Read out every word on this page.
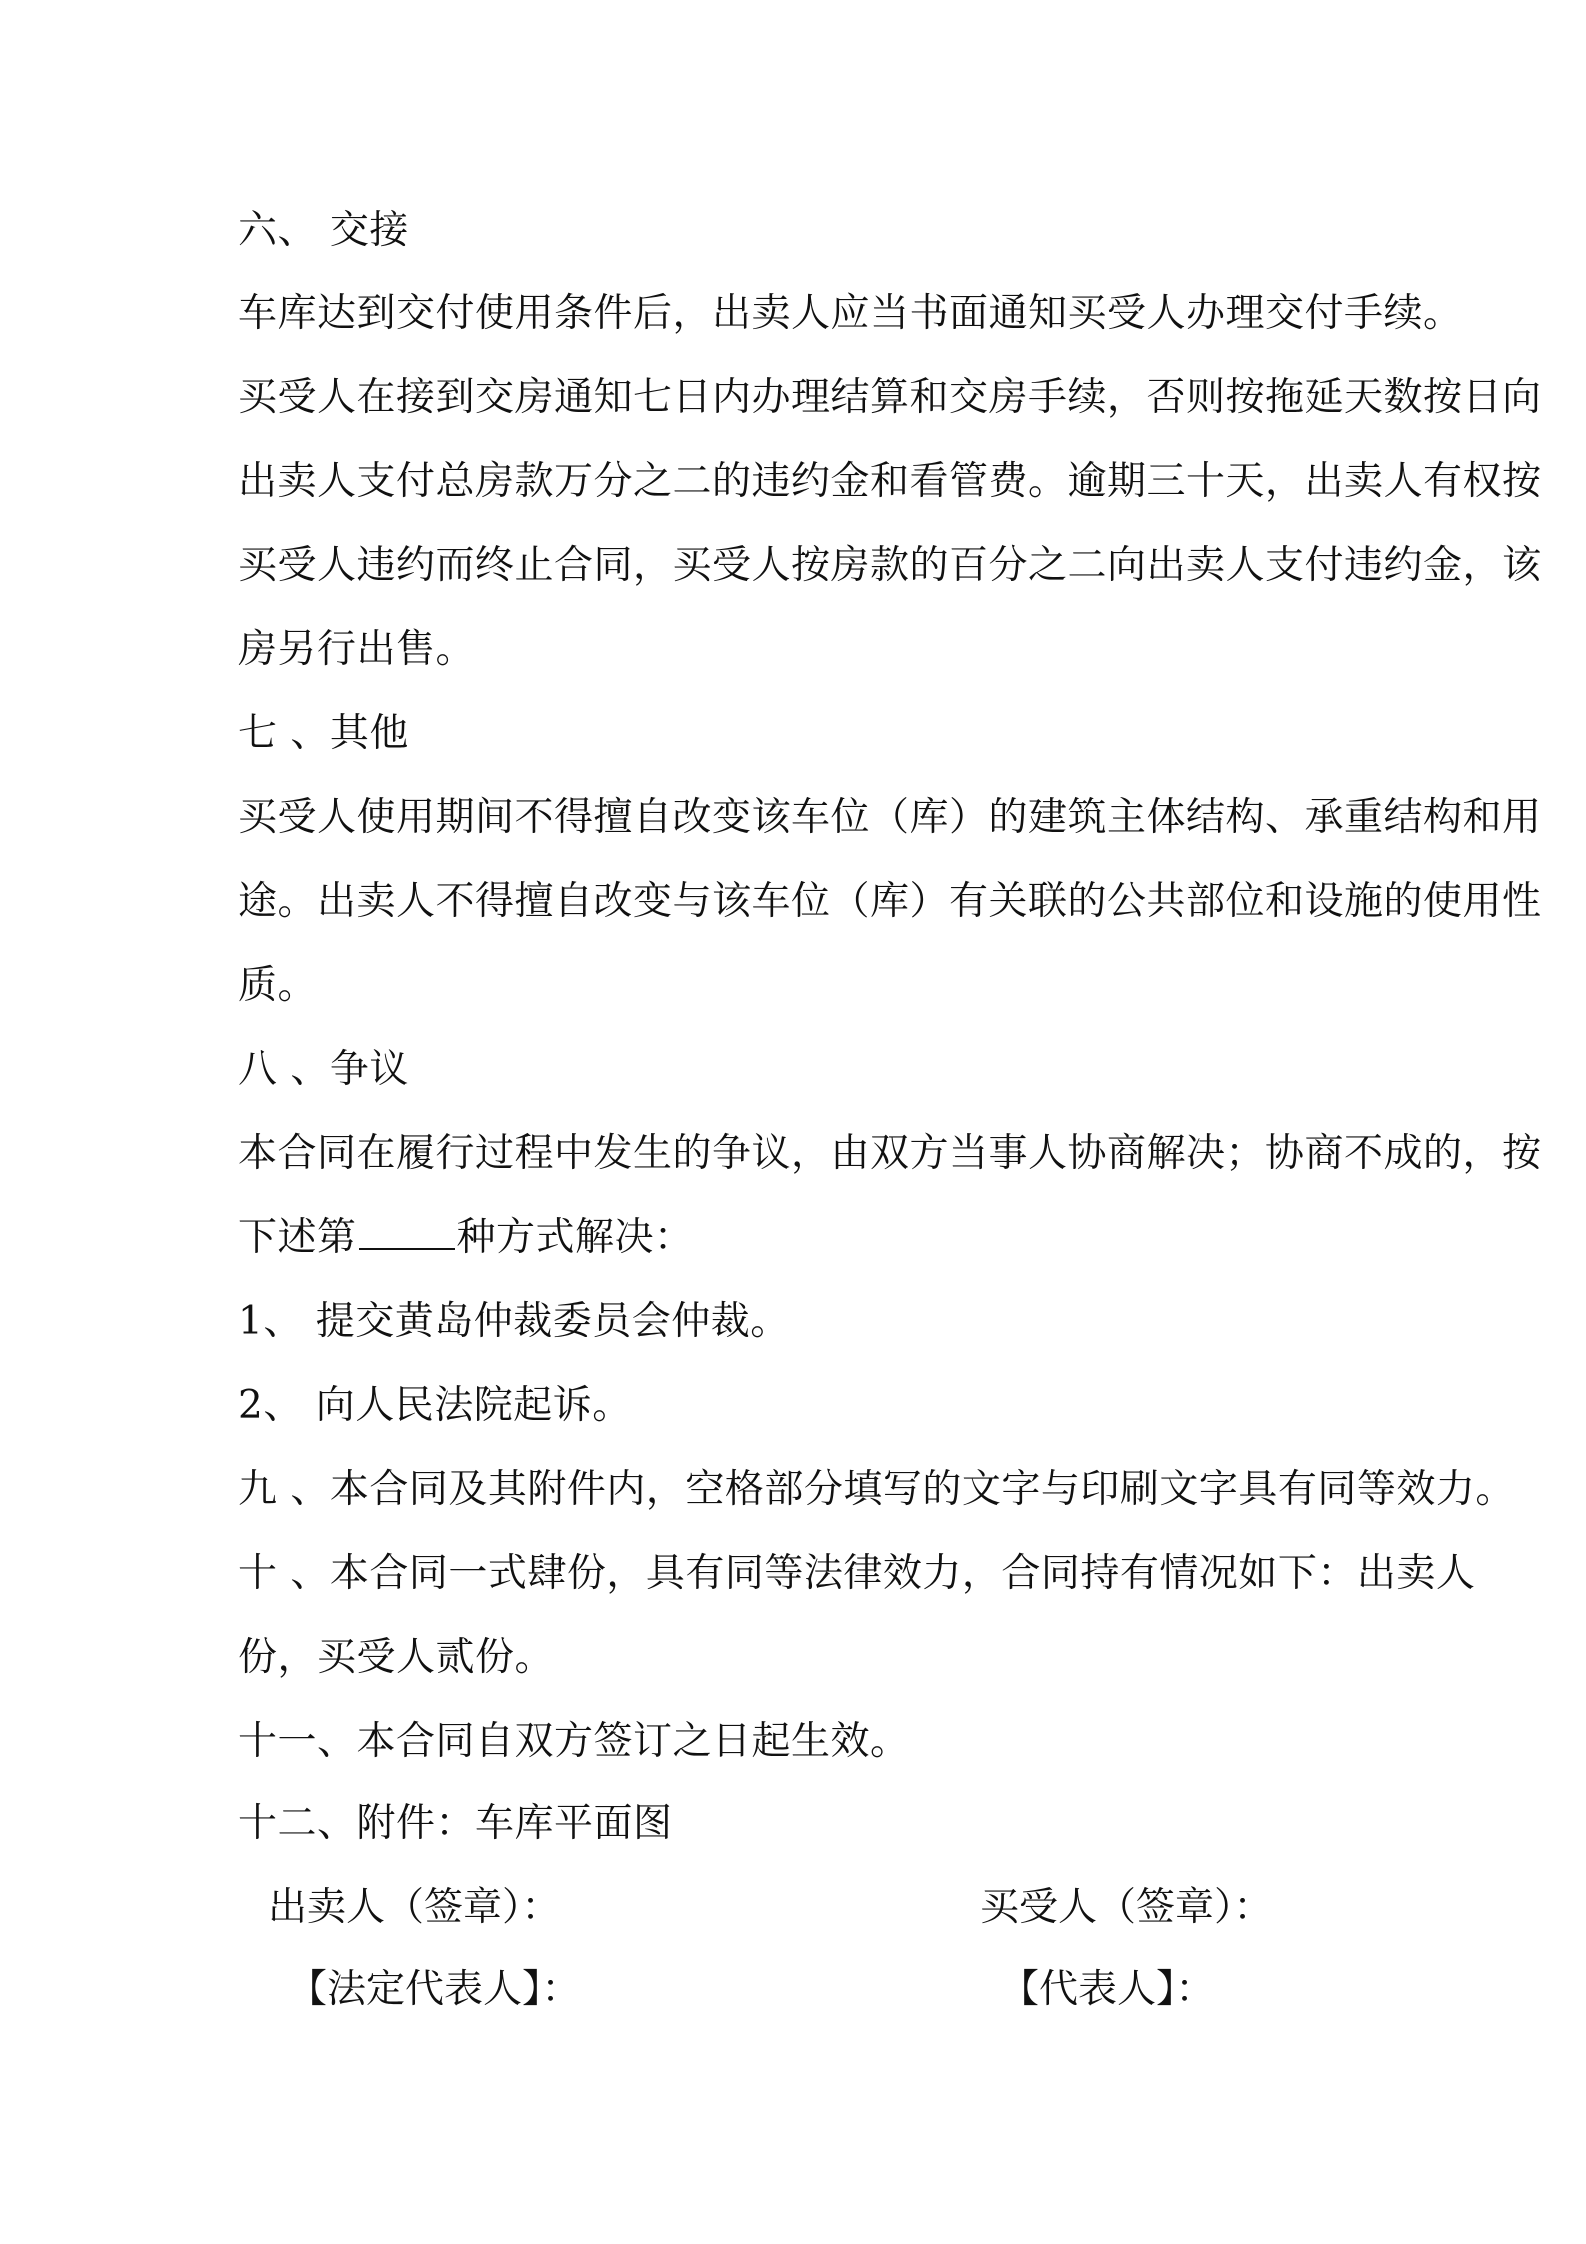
六、 交接
车库达到交付使用条件后，出卖人应当书面通知买受人办理交付手续。
买受人在接到交房通知七日内办理结算和交房手续，否则按拖延天数按日向
出卖人支付总房款万分之二的违约金和看管费。逾期三十天，出卖人有权按
买受人违约而终止合同，买受人按房款的百分之二向出卖人支付违约金，该
房另行出售。
七 、其他
买受人使用期间不得擅自改变该车位（库）的建筑主体结构、承重结构和用
途。出卖人不得擅自改变与该车位（库）有关联的公共部位和设施的使用性
质。
八 、争议
本合同在履行过程中发生的争议，由双方当事人协商解决；协商不成的，按
下述第	种方式解决：
1、 提交黄岛仲裁委员会仲裁。
2、 向人民法院起诉。
九 、本合同及其附件内，空格部分填写的文字与印刷文字具有同等效力。
十 、本合同一式肆份，具有同等法律效力，合同持有情况如下：出卖人
份，买受人贰份。
十一、本合同自双方签订之日起生效。
十二、附件：车库平面图
出卖人（签章）：	买受人（签章）：
【法定代表人】：	【代表人】：
